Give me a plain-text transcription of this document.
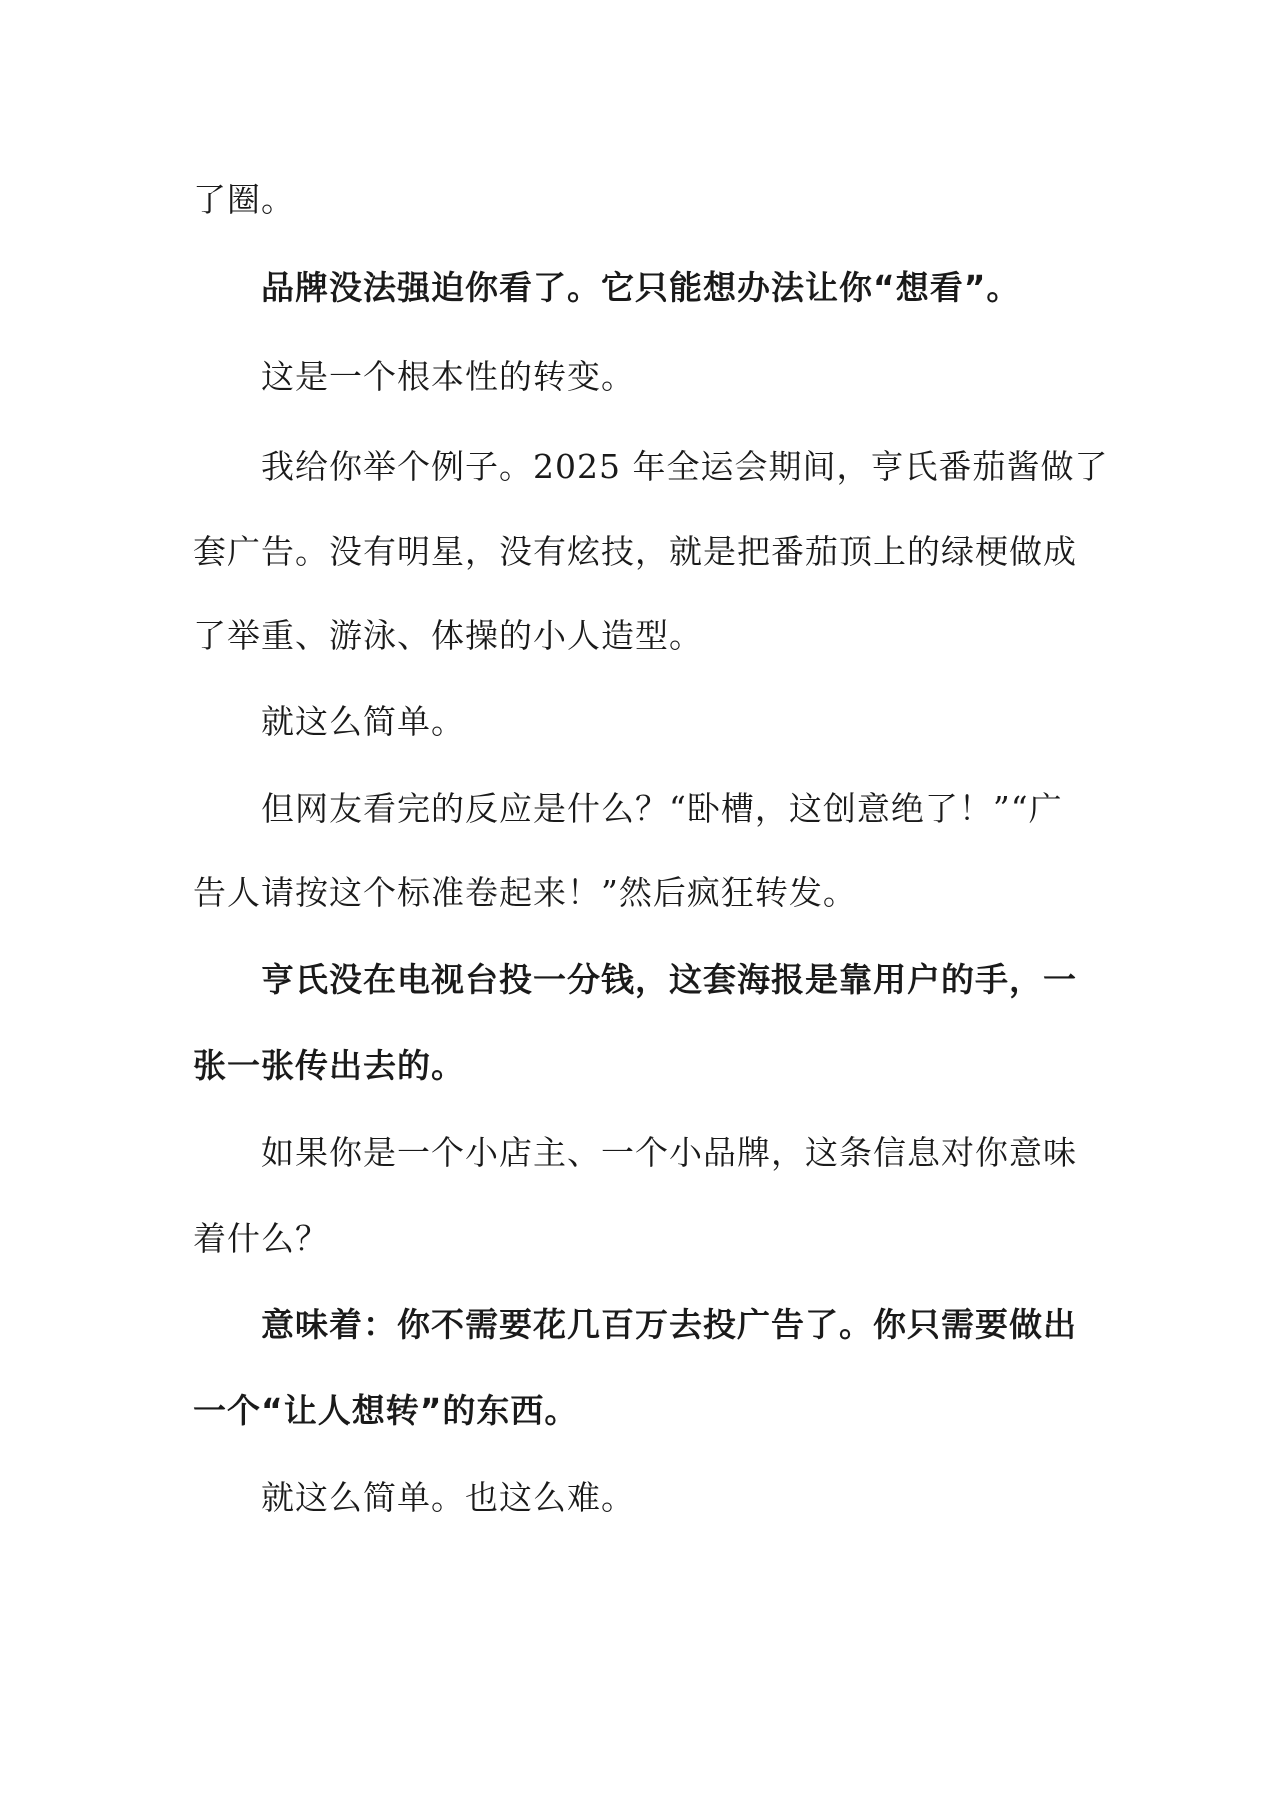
了圈。
品牌没法强迫你看了。它只能想办法让你“想看”。
这是一个根本性的转变。
我给你举个例子。2025 年全运会期间，亨氏番茄酱做了
套广告。没有明星，没有炫技，就是把番茄顶上的绿梗做成
了举重、游泳、体操的小人造型。
就这么简单。
但网友看完的反应是什么？“卧槽，这创意绝了！”“广
告人请按这个标准卷起来！”然后疯狂转发。
亨氏没在电视台投一分钱，这套海报是靠用户的手，一
张一张传出去的。
如果你是一个小店主、一个小品牌，这条信息对你意味
着什么？
意味着：你不需要花几百万去投广告了。你只需要做出
一个“让人想转”的东西。
就这么简单。也这么难。
